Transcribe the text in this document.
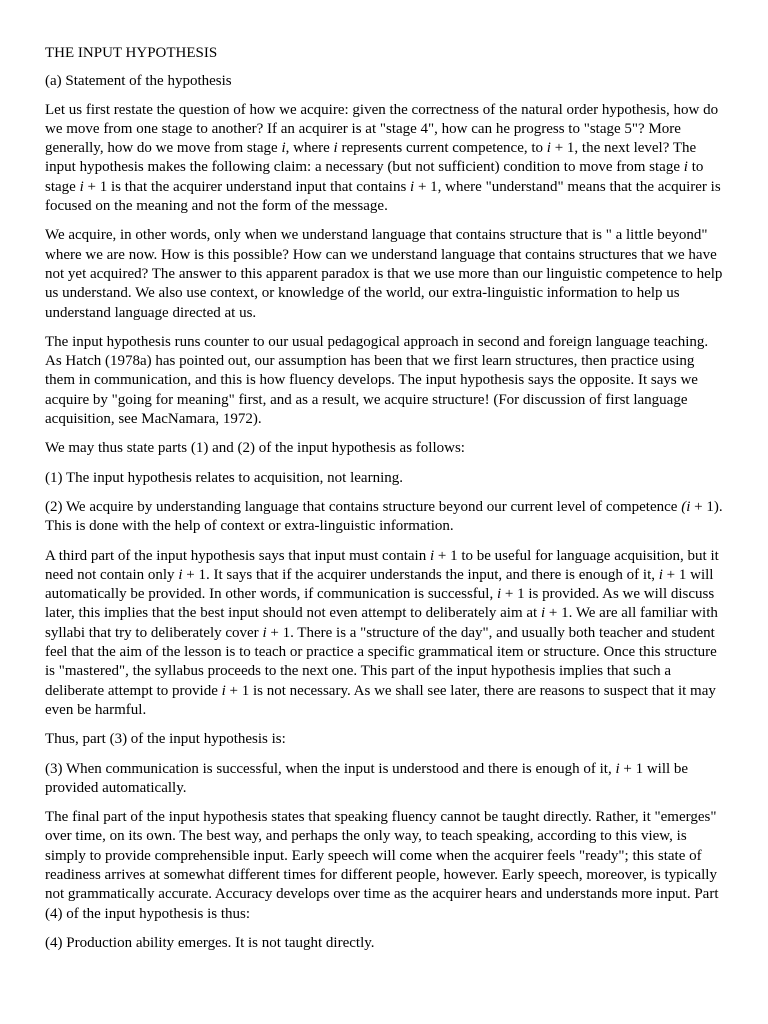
THE INPUT HYPOTHESIS

(a) Statement of the hypothesis

Let us first restate the question of how we acquire: given the correctness of the natural order hypothesis, how do we move from one stage to another? If an acquirer is at "stage 4", how can he progress to "stage 5"? More generally, how do we move from stage i, where i represents current competence, to i + 1, the next level? The input hypothesis makes the following claim: a necessary (but not sufficient) condition to move from stage i to stage i + 1 is that the acquirer understand input that contains i + 1, where "understand" means that the acquirer is focused on the meaning and not the form of the message.

We acquire, in other words, only when we understand language that contains structure that is " a little beyond" where we are now. How is this possible? How can we understand language that contains structures that we have not yet acquired? The answer to this apparent paradox is that we use more than our linguistic competence to help us understand. We also use context, or knowledge of the world, our extra-linguistic information to help us understand language directed at us.

The input hypothesis runs counter to our usual pedagogical approach in second and foreign language teaching. As Hatch (1978a) has pointed out, our assumption has been that we first learn structures, then practice using them in communication, and this is how fluency develops. The input hypothesis says the opposite. It says we acquire by "going for meaning" first, and as a result, we acquire structure! (For discussion of first language acquisition, see MacNamara, 1972).

We may thus state parts (1) and (2) of the input hypothesis as follows:

(1) The input hypothesis relates to acquisition, not learning.

(2) We acquire by understanding language that contains structure beyond our current level of competence (i + 1). This is done with the help of context or extra-linguistic information.

A third part of the input hypothesis says that input must contain i + 1 to be useful for language acquisition, but it need not contain only i + 1. It says that if the acquirer understands the input, and there is enough of it, i + 1 will automatically be provided. In other words, if communication is successful, i + 1 is provided. As we will discuss later, this implies that the best input should not even attempt to deliberately aim at i + 1. We are all familiar with syllabi that try to deliberately cover i + 1. There is a "structure of the day", and usually both teacher and student feel that the aim of the lesson is to teach or practice a specific grammatical item or structure. Once this structure is "mastered", the syllabus proceeds to the next one. This part of the input hypothesis implies that such a deliberate attempt to provide i + 1 is not necessary. As we shall see later, there are reasons to suspect that it may even be harmful.

Thus, part (3) of the input hypothesis is:

(3) When communication is successful, when the input is understood and there is enough of it, i + 1 will be provided automatically.

The final part of the input hypothesis states that speaking fluency cannot be taught directly. Rather, it "emerges" over time, on its own. The best way, and perhaps the only way, to teach speaking, according to this view, is simply to provide comprehensible input. Early speech will come when the acquirer feels "ready"; this state of readiness arrives at somewhat different times for different people, however. Early speech, moreover, is typically not grammatically accurate. Accuracy develops over time as the acquirer hears and understands more input. Part (4) of the input hypothesis is thus:

(4) Production ability emerges. It is not taught directly.
